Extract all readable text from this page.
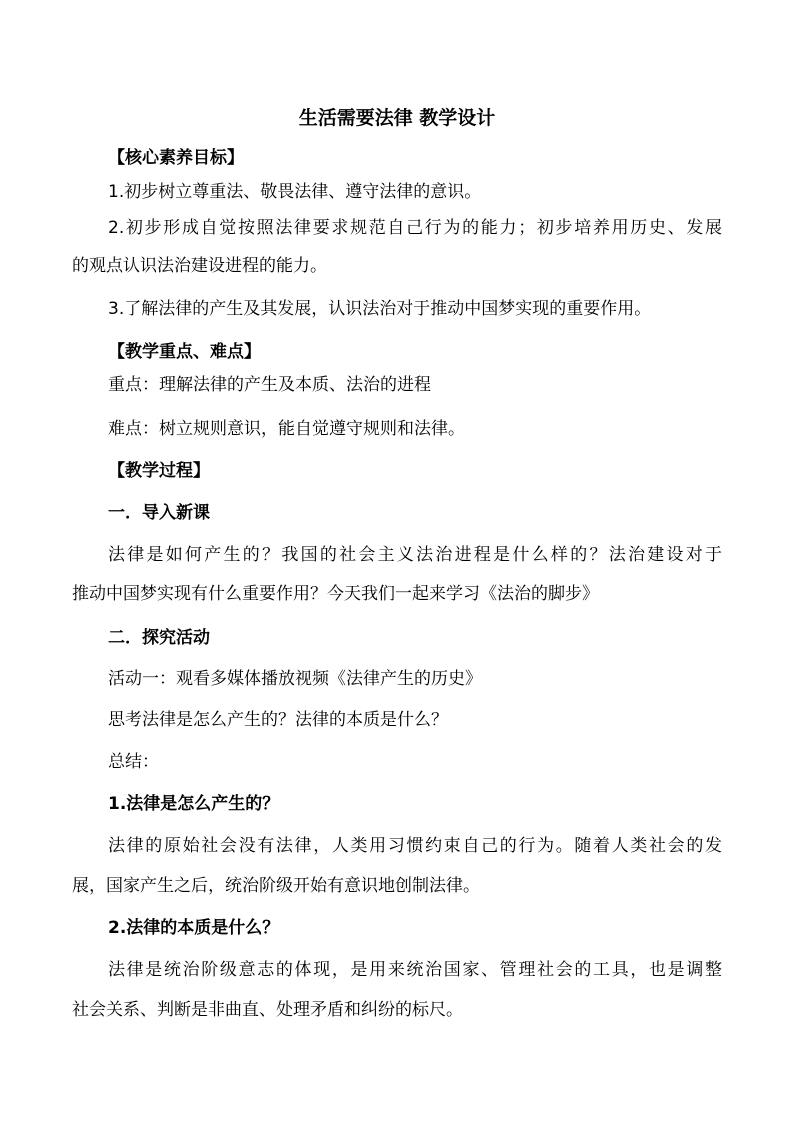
生活需要法律 教学设计
【核心素养目标】
1.初步树立尊重法、敬畏法律、遵守法律的意识。
2.初步形成自觉按照法律要求规范自己行为的能力；初步培养用历史、发展
的观点认识法治建设进程的能力。
3.了解法律的产生及其发展，认识法治对于推动中国梦实现的重要作用。
【教学重点、难点】
重点：理解法律的产生及本质、法治的进程
难点：树立规则意识，能自觉遵守规则和法律。
【教学过程】
一．导入新课
法律是如何产生的？我国的社会主义法治进程是什么样的？法治建设对于
推动中国梦实现有什么重要作用？今天我们一起来学习《法治的脚步》
二．探究活动
活动一：观看多媒体播放视频《法律产生的历史》
思考法律是怎么产生的？法律的本质是什么？
总结：
1.法律是怎么产生的？
法律的原始社会没有法律，人类用习惯约束自己的行为。随着人类社会的发
展，国家产生之后，统治阶级开始有意识地创制法律。
2.法律的本质是什么？
法律是统治阶级意志的体现，是用来统治国家、管理社会的工具，也是调整
社会关系、判断是非曲直、处理矛盾和纠纷的标尺。
